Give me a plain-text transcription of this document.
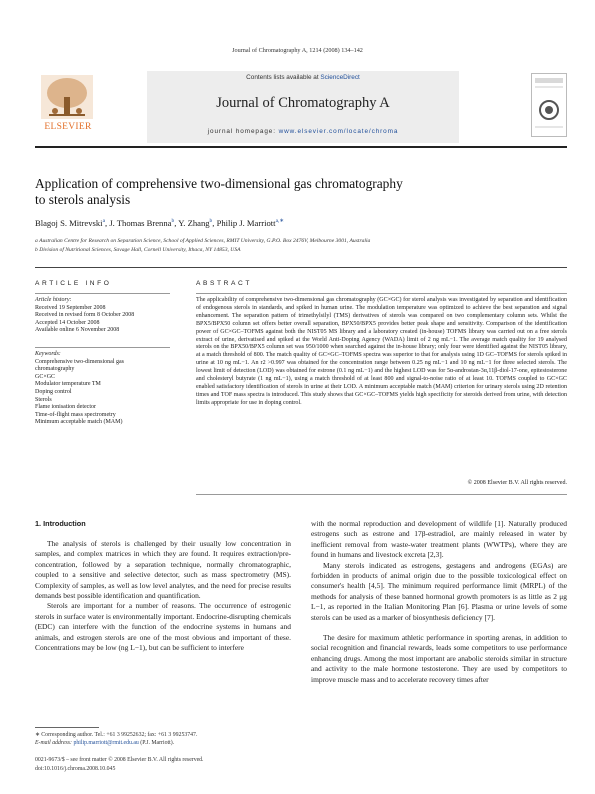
Journal of Chromatography A, 1214 (2008) 134–142
ELSEVIER
Contents lists available at ScienceDirect
Journal of Chromatography A
journal homepage: www.elsevier.com/locate/chroma
Application of comprehensive two-dimensional gas chromatography
to sterols analysis
Blagoj S. Mitrevski$^a$, J. Thomas Brenna$^b$, Y. Zhang$^b$, Philip J. Marriott$^{a,∗}$
a Australian Centre for Research on Separation Science, School of Applied Sciences, RMIT University, G.P.O. Box 2476V, Melbourne 3001, Australia
b Division of Nutritional Sciences, Savage Hall, Cornell University, Ithaca, NY 14853, USA
ARTICLE INFO	ABSTRACT
Article history:
Received 19 September 2008
Received in revised form 8 October 2008
Accepted 14 October 2008
Available online 6 November 2008
Keywords:
Comprehensive two-dimensional gas
chromatography
GC×GC
Modulator temperature TM
Doping control
Sterols
Flame ionisation detector
Time-of-flight mass spectrometry
Minimum acceptable match (MAM)
The applicability of comprehensive two-dimensional gas chromatography (GC×GC) for sterol analysis was investigated by separation and identification of endogenous sterols in standards, and spiked in human urine. The modulation temperature was optimized to achieve the best separation and signal enhancement. The separation pattern of trimethylsilyl (TMS) derivatives of sterols was compared on two complementary column sets. Whilst the BPX5/BPX50 column set offers better overall separation, BPX50/BPX5 provides better peak shape and sensitivity. Comparison of the identification power of GC×GC–TOFMS against both the NIST05 MS library and a laboratory created (in-house) TOFMS library was carried out on a free sterols extract of urine, derivatised and spiked at the World Anti-Doping Agency (WADA) limit of 2 ng mL−1. The average match quality for 19 analysed sterols on the BPX50/BPX5 column set was 950/1000 when searched against the in-house library; only four were identified against the NIST05 library, at a match threshold of 800. The match quality of GC×GC–TOFMS spectra was superior to that for analysis using 1D GC–TOFMS for sterols spiked in urine at 10 ng mL−1. An r2 >0.997 was obtained for the concentration range between 0.25 ng mL−1 and 10 ng mL−1 for three selected sterols. The lowest limit of detection (LOD) was obtained for estrone (0.1 ng mL−1) and the highest LOD was for 5α-androstan-3α,11β-diol-17-one, epitestosterone and cholesteryl butyrate (1 ng mL−1), using a match threshold of at least 800 and signal-to-noise ratio of at least 10. TOFMS coupled to GC×GC enabled satisfactory identification of sterols in urine at their LOD. A minimum acceptable match (MAM) criterion for urinary sterols using 2D retention times and TOF mass spectra is introduced. This study shows that GC×GC–TOFMS yields high specificity for steroids derived from urine, with detection limits appropriate for use in doping control.
© 2008 Elsevier B.V. All rights reserved.
1. Introduction

The analysis of sterols is challenged by their usually low concentration in samples, and complex matrices in which they are found. It requires extraction/pre-concentration, followed by a separation technique, normally chromatographic, coupled to a sensitive and selective detector, such as mass spectrometry (MS). Complexity of samples, as well as low level analytes, and the need for precise results demands best possible identification and quantification.

Sterols are important for a number of reasons. The occurrence of estrogenic sterols in surface water is environmentally important. Endocrine-disrupting chemicals (EDC) can interfere with the function of the endocrine systems in humans and animals, and estrogen sterols are one of the most obvious and important of these. Concentrations may be low (ng L−1), but can be sufficient to interfere

with the normal reproduction and development of wildlife [1]. Naturally produced estrogens such as estrone and 17β-estradiol, are mainly released in water by inefficient removal from waste-water treatment plants (WWTPs), where they are found in humans and livestock excreta [2,3].

Many sterols indicated as estrogens, gestagens and androgens (EGAs) are forbidden in products of animal origin due to the possible toxicological effect on consumer's health [4,5]. The minimum required performance limit (MRPL) of the methods for analysis of these banned hormonal growth promoters is as little as 2 μg L−1, as reported in the Italian Monitoring Plan [6]. Plasma or urine levels of some sterols can be used as a marker of biosynthesis deficiency [7].

The desire for maximum athletic performance in sporting arenas, in addition to social recognition and financial rewards, leads some competitors to use performance enhancing drugs. Among the most important are anabolic steroids similar in structure and activity to the male hormone testosterone. They are used by competitors to improve muscle mass and to accelerate recovery times after

∗ Corresponding author. Tel.: +61 3 99252632; fax: +61 3 99253747.
E-mail address: philip.marriott@rmit.edu.au (P.J. Marriott).
0021-9673/$ – see front matter © 2008 Elsevier B.V. All rights reserved.
doi:10.1016/j.chroma.2008.10.045
